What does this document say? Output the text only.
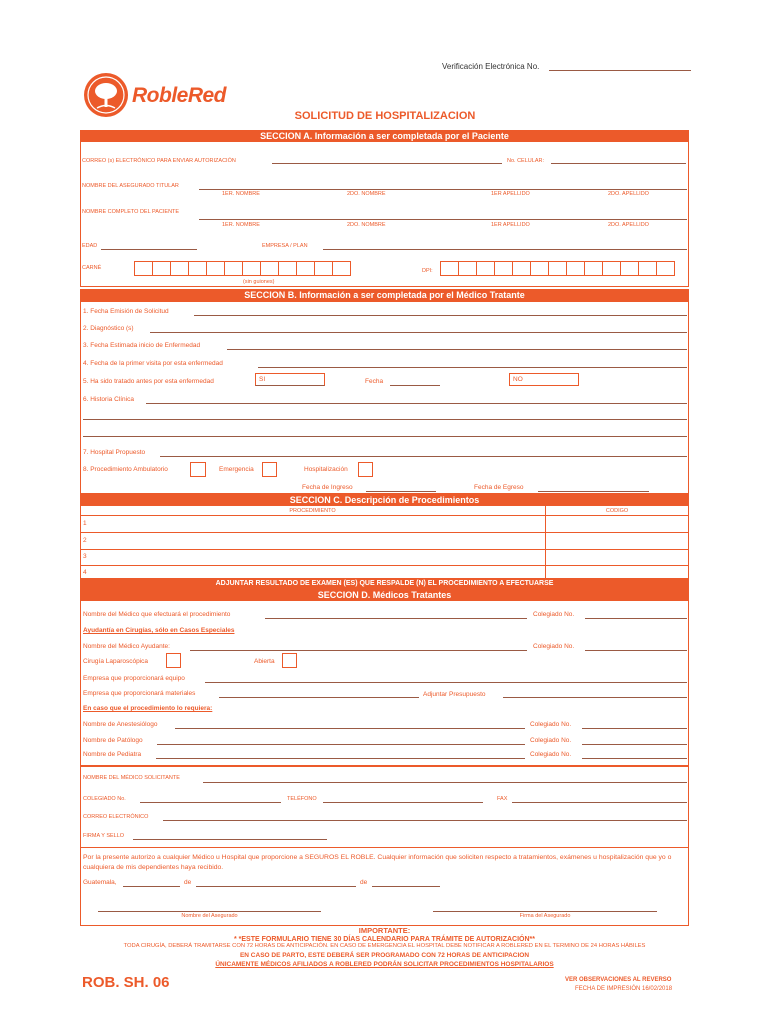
Verificación Electrónica No.
RobleRed
SOLICITUD DE HOSPITALIZACION
SECCION A. Información a ser completada por el Paciente
CORREO (s) ELECTRÓNICO PARA ENVIAR AUTORIZACIÓN	No. CELULAR:
NOMBRE DEL ASEGURADO TITULAR
1ER. NOMBRE	2DO. NOMBRE	1ER APELLIDO	2DO. APELLIDO
NOMBRE COMPLETO DEL PACIENTE
1ER. NOMBRE	2DO. NOMBRE	1ER APELLIDO	2DO. APELLIDO
EDAD	EMPRESA / PLAN
CARNÉ
(sin guiones)
DPI:
SECCION B. Información a ser completada por el Médico Tratante
1. Fecha Emisión de Solicitud
2. Diagnóstico (s)
3. Fecha Estimada inicio de Enfermedad
4. Fecha de la primer visita por esta enfermedad
5. Ha sido tratado antes por esta enfermedad	SI	Fecha	NO
6. Historia Clínica
7. Hospital Propuesto
8. Procedimiento Ambulatorio	Emergencia	Hospitalización
Fecha de Ingreso	Fecha de Egreso
SECCION C. Descripción de Procedimientos
PROCEDIMIENTO	CODIGO
1
2
3
4
ADJUNTAR RESULTADO DE EXAMEN (ES) QUE RESPALDE (N) EL PROCEDIMIENTO A EFECTUARSE
SECCION D. Médicos Tratantes
Nombre del Médico que efectuará el procedimiento	Colegiado No.
Ayudantía en Cirugías, sólo en Casos Especiales
Nombre del Médico Ayudante:	Colegiado No.
Cirugía Laparoscópica	Abierta
Empresa que proporcionará equipo
Empresa que proporcionará materiales	Adjuntar Presupuesto
En caso que el procedimiento lo requiera:
Nombre de Anestesiólogo	Colegiado No.
Nombre de Patólogo	Colegiado No.
Nombre de Pediatra	Colegiado No.
NOMBRE DEL MÉDICO SOLICITANTE
COLEGIADO No.	TELÉFONO	FAX
CORREO ELECTRÓNICO
FIRMA Y SELLO
Por la presente autorizo a cualquier Médico u Hospital que proporcione a SEGUROS EL ROBLE. Cualquier información que soliciten respecto a tratamientos, exámenes u hospitalización que yo o cualquiera de mis dependientes haya recibido.
Guatemala,	de	de
Nombre del Asegurado	Firma del Asegurado
IMPORTANTE:
* *ESTE FORMULARIO TIENE 30 DÍAS CALENDARIO PARA TRÁMITE DE AUTORIZACIÓN**
TODA CIRUGÍA, DEBERÁ TRAMITARSE CON 72 HORAS DE ANTICIPACIÓN. EN CASO DE EMERGENCIA EL HOSPITAL DEBE NOTIFICAR A ROBLERED EN EL TERMINO DE 24 HORAS HÁBILES
EN CASO DE PARTO, ESTE DEBERÁ SER PROGRAMADO CON 72 HORAS DE ANTICIPACION
ÚNICAMENTE MÉDICOS AFILIADOS A ROBLERED PODRÁN SOLICITAR PROCEDIMIENTOS HOSPITALARIOS
ROB. SH. 06	VER OBSERVACIONES AL REVERSO
FECHA DE IMPRESIÓN 16/02/2018
